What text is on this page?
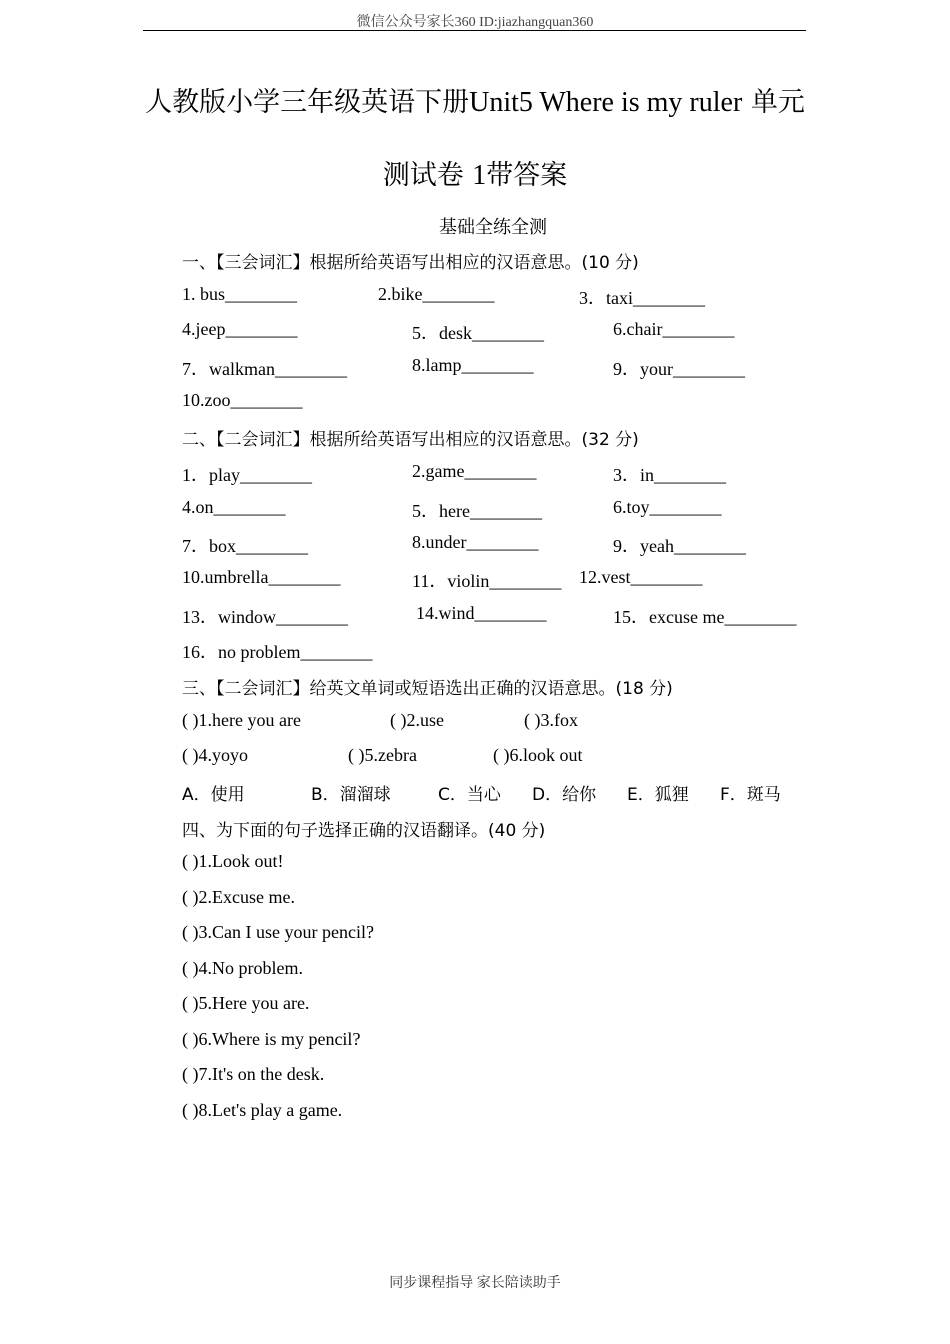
微信公众号家长360 ID:jiazhangquan360
人教版小学三年级英语下册Unit5 Where is my ruler 单元
测试卷 1带答案
基础全练全测
一、【三会词汇】根据所给英语写出相应的汉语意思。(10 分)
1. bus________	2.bike________	3．taxi________
4.jeep________	5．desk________	6.chair________
7．walkman________	8.lamp________	9．your________
10.zoo________
二、【二会词汇】根据所给英语写出相应的汉语意思。(32 分)
1．play________	2.game________	3．in________
4.on________	5．here________	6.toy________
7．box________	8.under________	9．yeah________
10.umbrella________	11．violin________ 12.vest________
13．window________	14.wind________	15．excuse me________
16．no problem________
三、【二会词汇】给英文单词或短语选出正确的汉语意思。(18 分)
( )1.here you are	( )2.use	( )3.fox
( )4.yoyo	( )5.zebra	( )6.look out
A．使用	B．溜溜球	C．当心 D．给你 E．狐狸 F．斑马
四、为下面的句子选择正确的汉语翻译。(40 分)
( )1.Look out!
( )2.Excuse me.
( )3.Can I use your pencil?
( )4.No problem.
( )5.Here you are.
( )6.Where is my pencil?
( )7.It's on the desk.
( )8.Let's play a game.
同步课程指导 家长陪读助手
